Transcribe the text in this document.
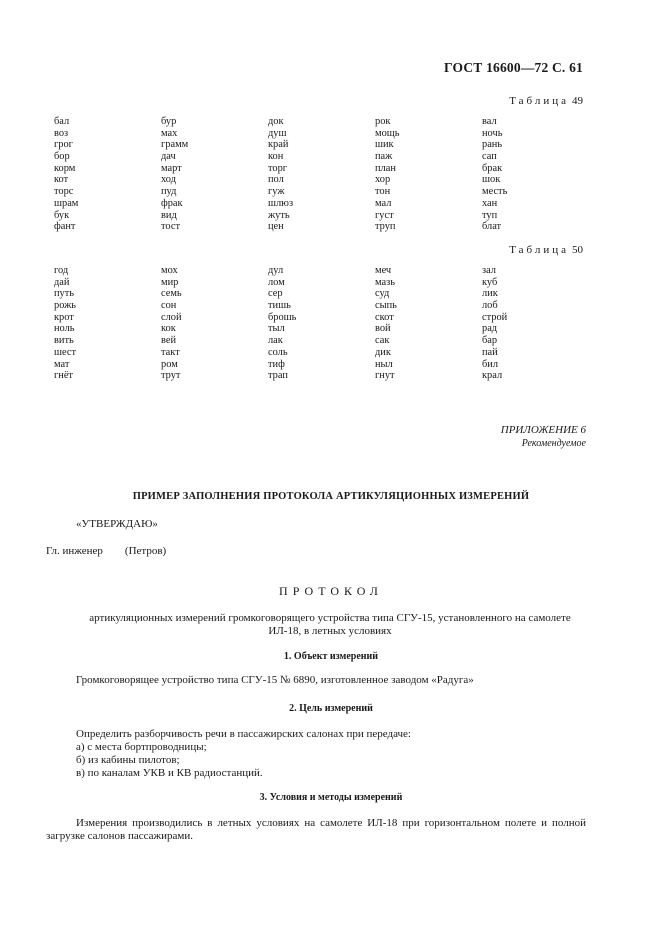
ГОСТ 16600—72 С. 61
Таблица 49
бал	бур	док	рок	вал
воз	мах	душ	мощь	ночь
грог	грамм	край	шик	рань
бор	дач	кон	паж	сап
корм	март	торг	план	брак
кот	ход	пол	хор	шок
торс	пуд	гуж	тон	месть
шрам	фрак	шлюз	мал	хан
бук	вид	жуть	густ	туп
фант	тост	цен	труп	блат
Таблица 50
год	мох	дул	меч	зал
дай	мир	лом	мазь	куб
путь	семь	сер	суд	лик
рожь	сон	тишь	сыпь	лоб
крот	слой	брошь	скот	строй
ноль	кок	тыл	вой	рад
вить	вей	лак	сак	бар
шест	такт	соль	дик	пай
мат	ром	тиф	ныл	бил
гнёт	трут	трап	гнут	крал
ПРИЛОЖЕНИЕ 6
Рекомендуемое
ПРИМЕР ЗАПОЛНЕНИЯ ПРОТОКОЛА АРТИКУЛЯЦИОННЫХ ИЗМЕРЕНИЙ
«УТВЕРЖДАЮ»
Гл. инженер (Петров)
ПРОТОКОЛ
артикуляционных измерений громкоговорящего устройства типа СГУ-15, установленного на самолете
ИЛ-18, в летных условиях
1. Объект измерений
Громкоговорящее устройство типа СГУ-15 № 6890, изготовленное заводом «Радуга»
2. Цель измерений
Определить разборчивость речи в пассажирских салонах при передаче:
а) с места бортпроводницы;
б) из кабины пилотов;
в) по каналам УКВ и КВ радиостанций.
3. Условия и методы измерений
Измерения производились в летных условиях на самолете ИЛ-18 при горизонтальном полете и полной загрузке салонов пассажирами.
